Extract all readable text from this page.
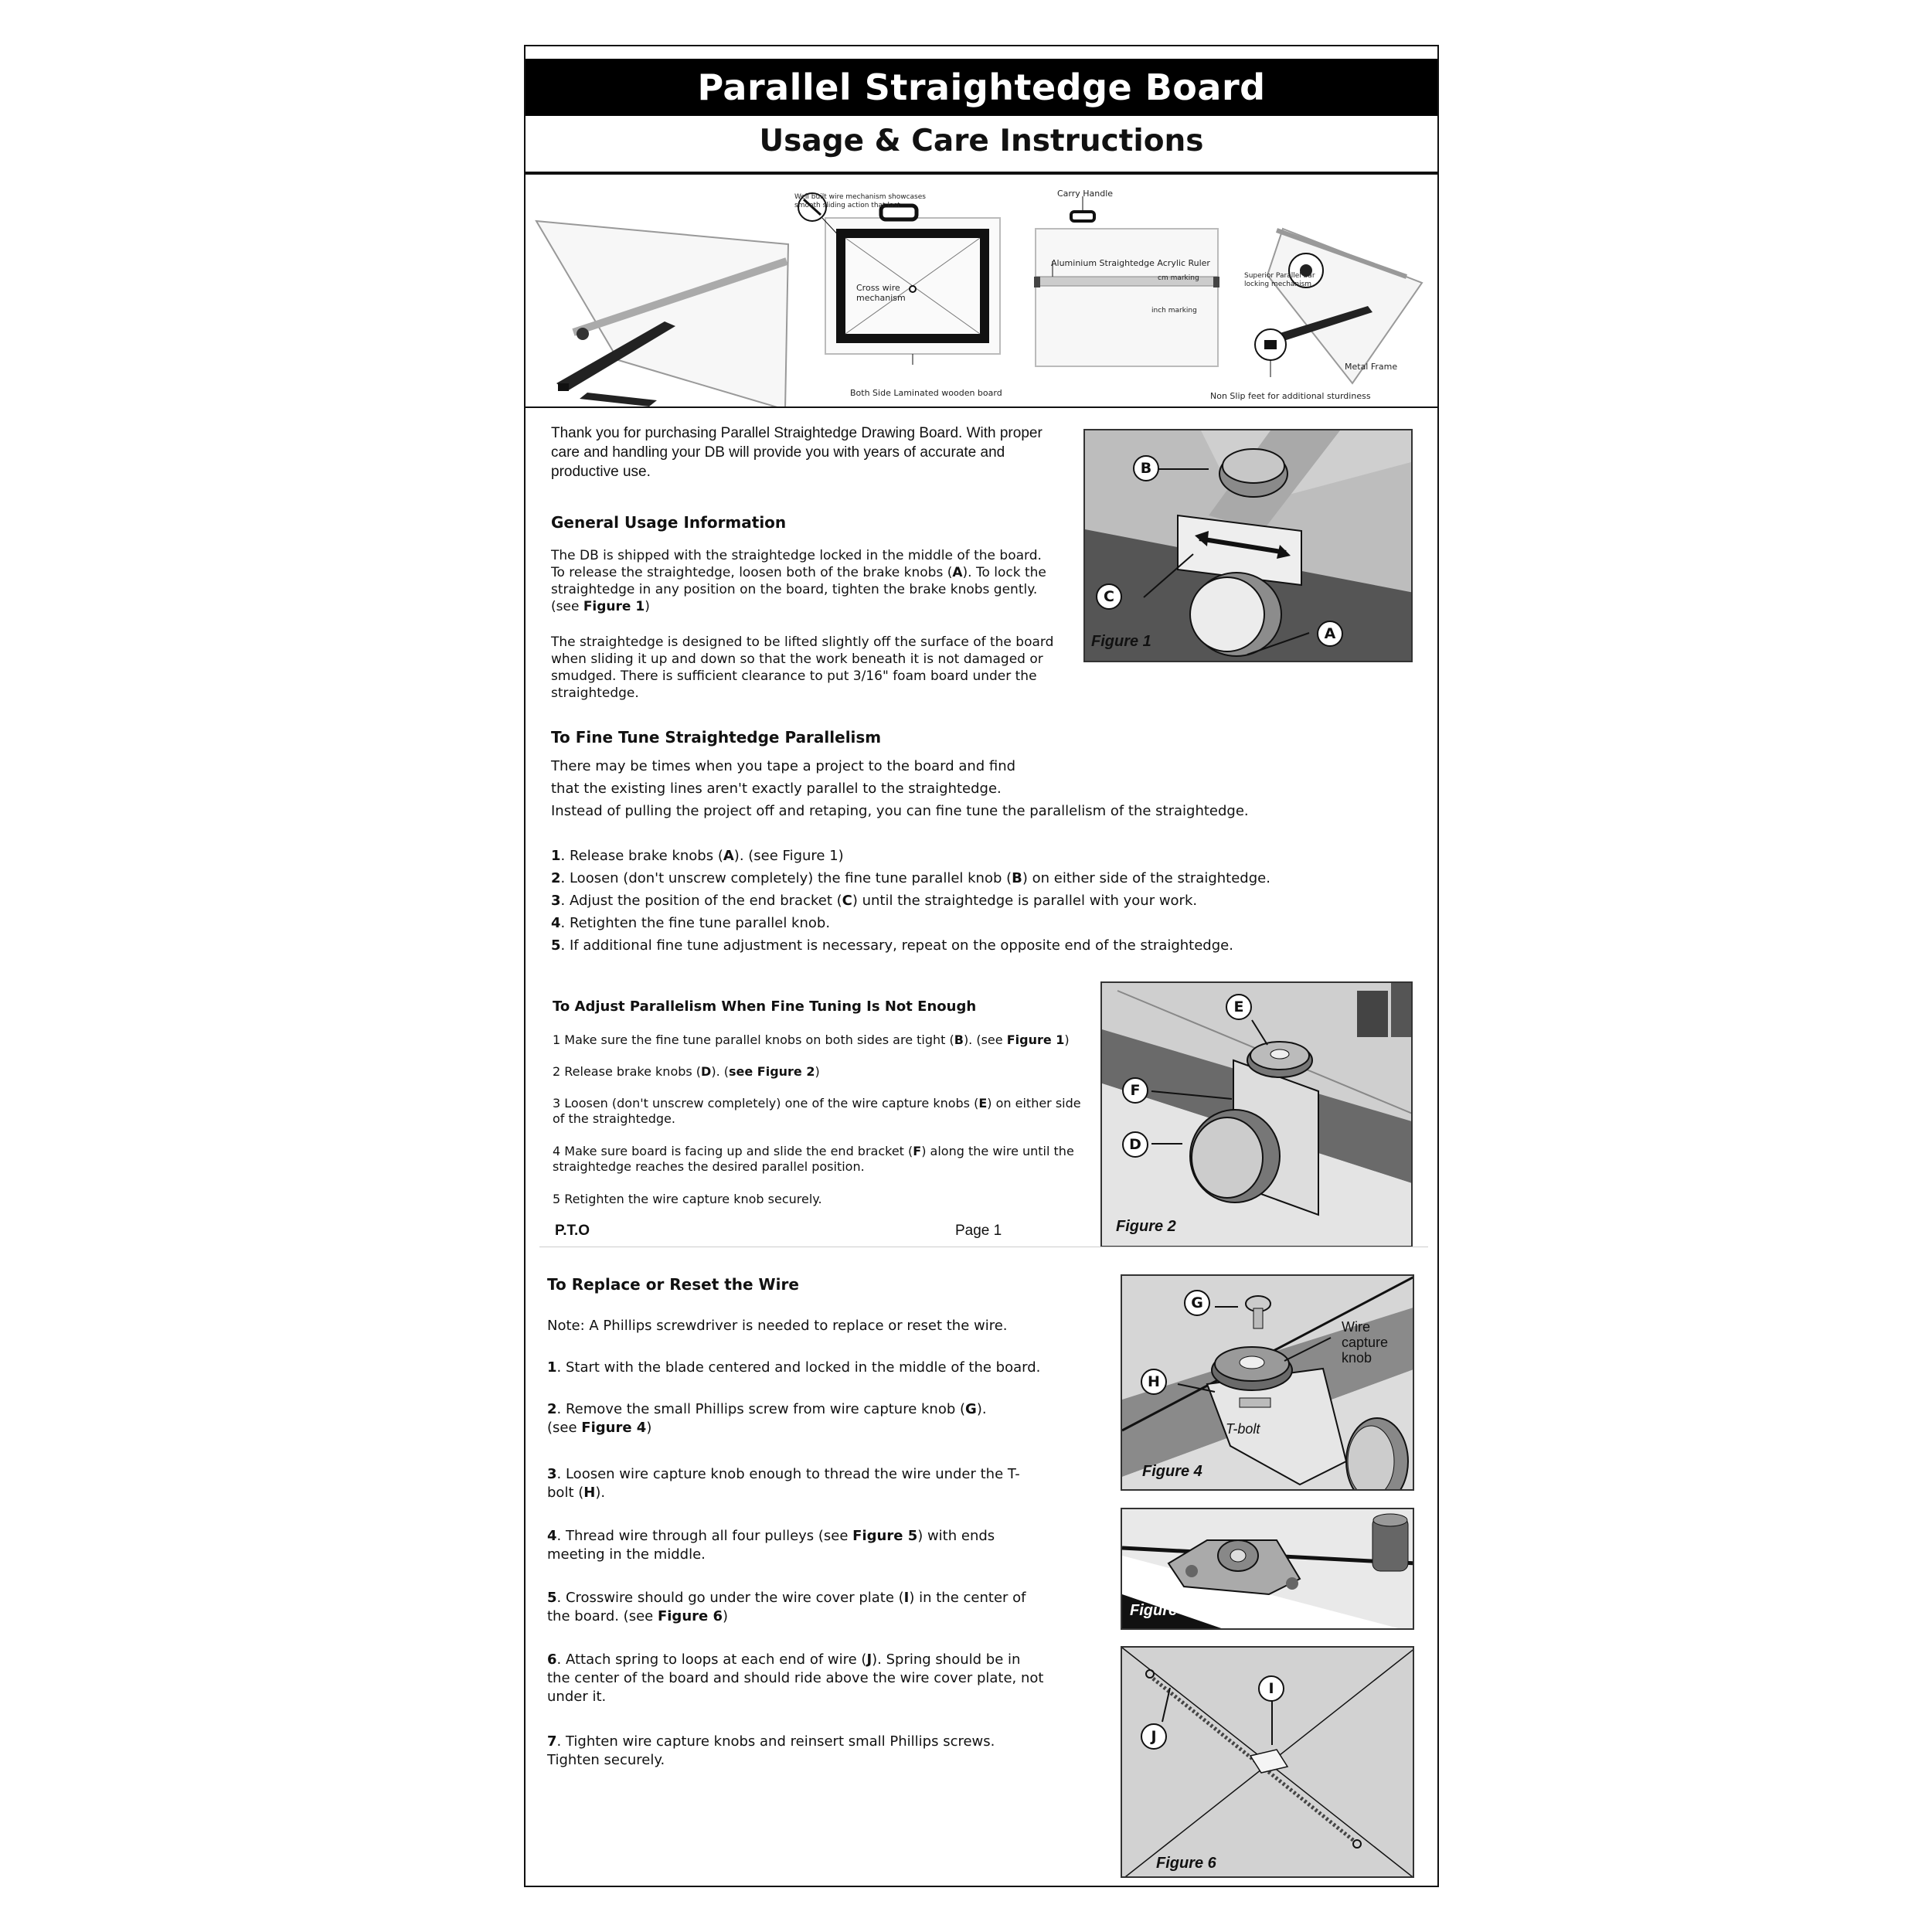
Parallel Straightedge Board
Usage & Care Instructions
Well built wire mechanism showcases smooth sliding action that last
Cross wire mechanism
Carry Handle
Aluminium Straightedge Acrylic Ruler
cm marking
inch marking
Superior Parallel bar locking mechanism
Metal Frame
Both Side Laminated wooden board	Non Slip feet for additional sturdiness
Thank you for purchasing Parallel Straightedge Drawing Board. With proper care and handling your DB will provide you with years of accurate and productive use.	B
C
A
Figure 1
General Usage Information
The DB is shipped with the straightedge locked in the middle of the board. To release the straightedge, loosen both of the brake knobs (A). To lock the straightedge in any position on the board, tighten the brake knobs gently. (see Figure 1)
The straightedge is designed to be lifted slightly off the surface of the board when sliding it up and down so that the work beneath it is not damaged or smudged. There is sufficient clearance to put 3/16" foam board under the straightedge.
To Fine Tune Straightedge Parallelism
There may be times when you tape a project to the board and find
that the existing lines aren't exactly parallel to the straightedge.
Instead of pulling the project off and retaping, you can fine tune the parallelism of the straightedge.
1. Release brake knobs (A). (see Figure 1)
2. Loosen (don't unscrew completely) the fine tune parallel knob (B) on either side of the straightedge.
3. Adjust the position of the end bracket (C) until the straightedge is parallel with your work.
4. Retighten the fine tune parallel knob.
5. If additional fine tune adjustment is necessary, repeat on the opposite end of the straightedge.
To Adjust Parallelism When Fine Tuning Is Not Enough
1 Make sure the fine tune parallel knobs on both sides are tight (B). (see Figure 1)
2 Release brake knobs (D). (see Figure 2)
3 Loosen (don't unscrew completely) one of the wire capture knobs (E) on either side of the straightedge.
4 Make sure board is facing up and slide the end bracket (F) along the wire until the straightedge reaches the desired parallel position.
5 Retighten the wire capture knob securely.
P.T.O	Page 1
E
F
D
Figure 2
To Replace or Reset the Wire
Note: A Phillips screwdriver is needed to replace or reset the wire.
1. Start with the blade centered and locked in the middle of the board.
2. Remove the small Phillips screw from wire capture knob (G).
(see Figure 4)
3. Loosen wire capture knob enough to thread the wire under the T-
bolt (H).
4. Thread wire through all four pulleys (see Figure 5) with ends
meeting in the middle.
5. Crosswire should go under the wire cover plate (I) in the center of
the board. (see Figure 6)
6. Attach spring to loops at each end of wire (J). Spring should be in
the center of the board and should ride above the wire cover plate, not
under it.
7. Tighten wire capture knobs and reinsert small Phillips screws.
Tighten securely.
G
H
Wire capture knob
T-bolt
Figure 4
Figure 5
I
J
Figure 6
